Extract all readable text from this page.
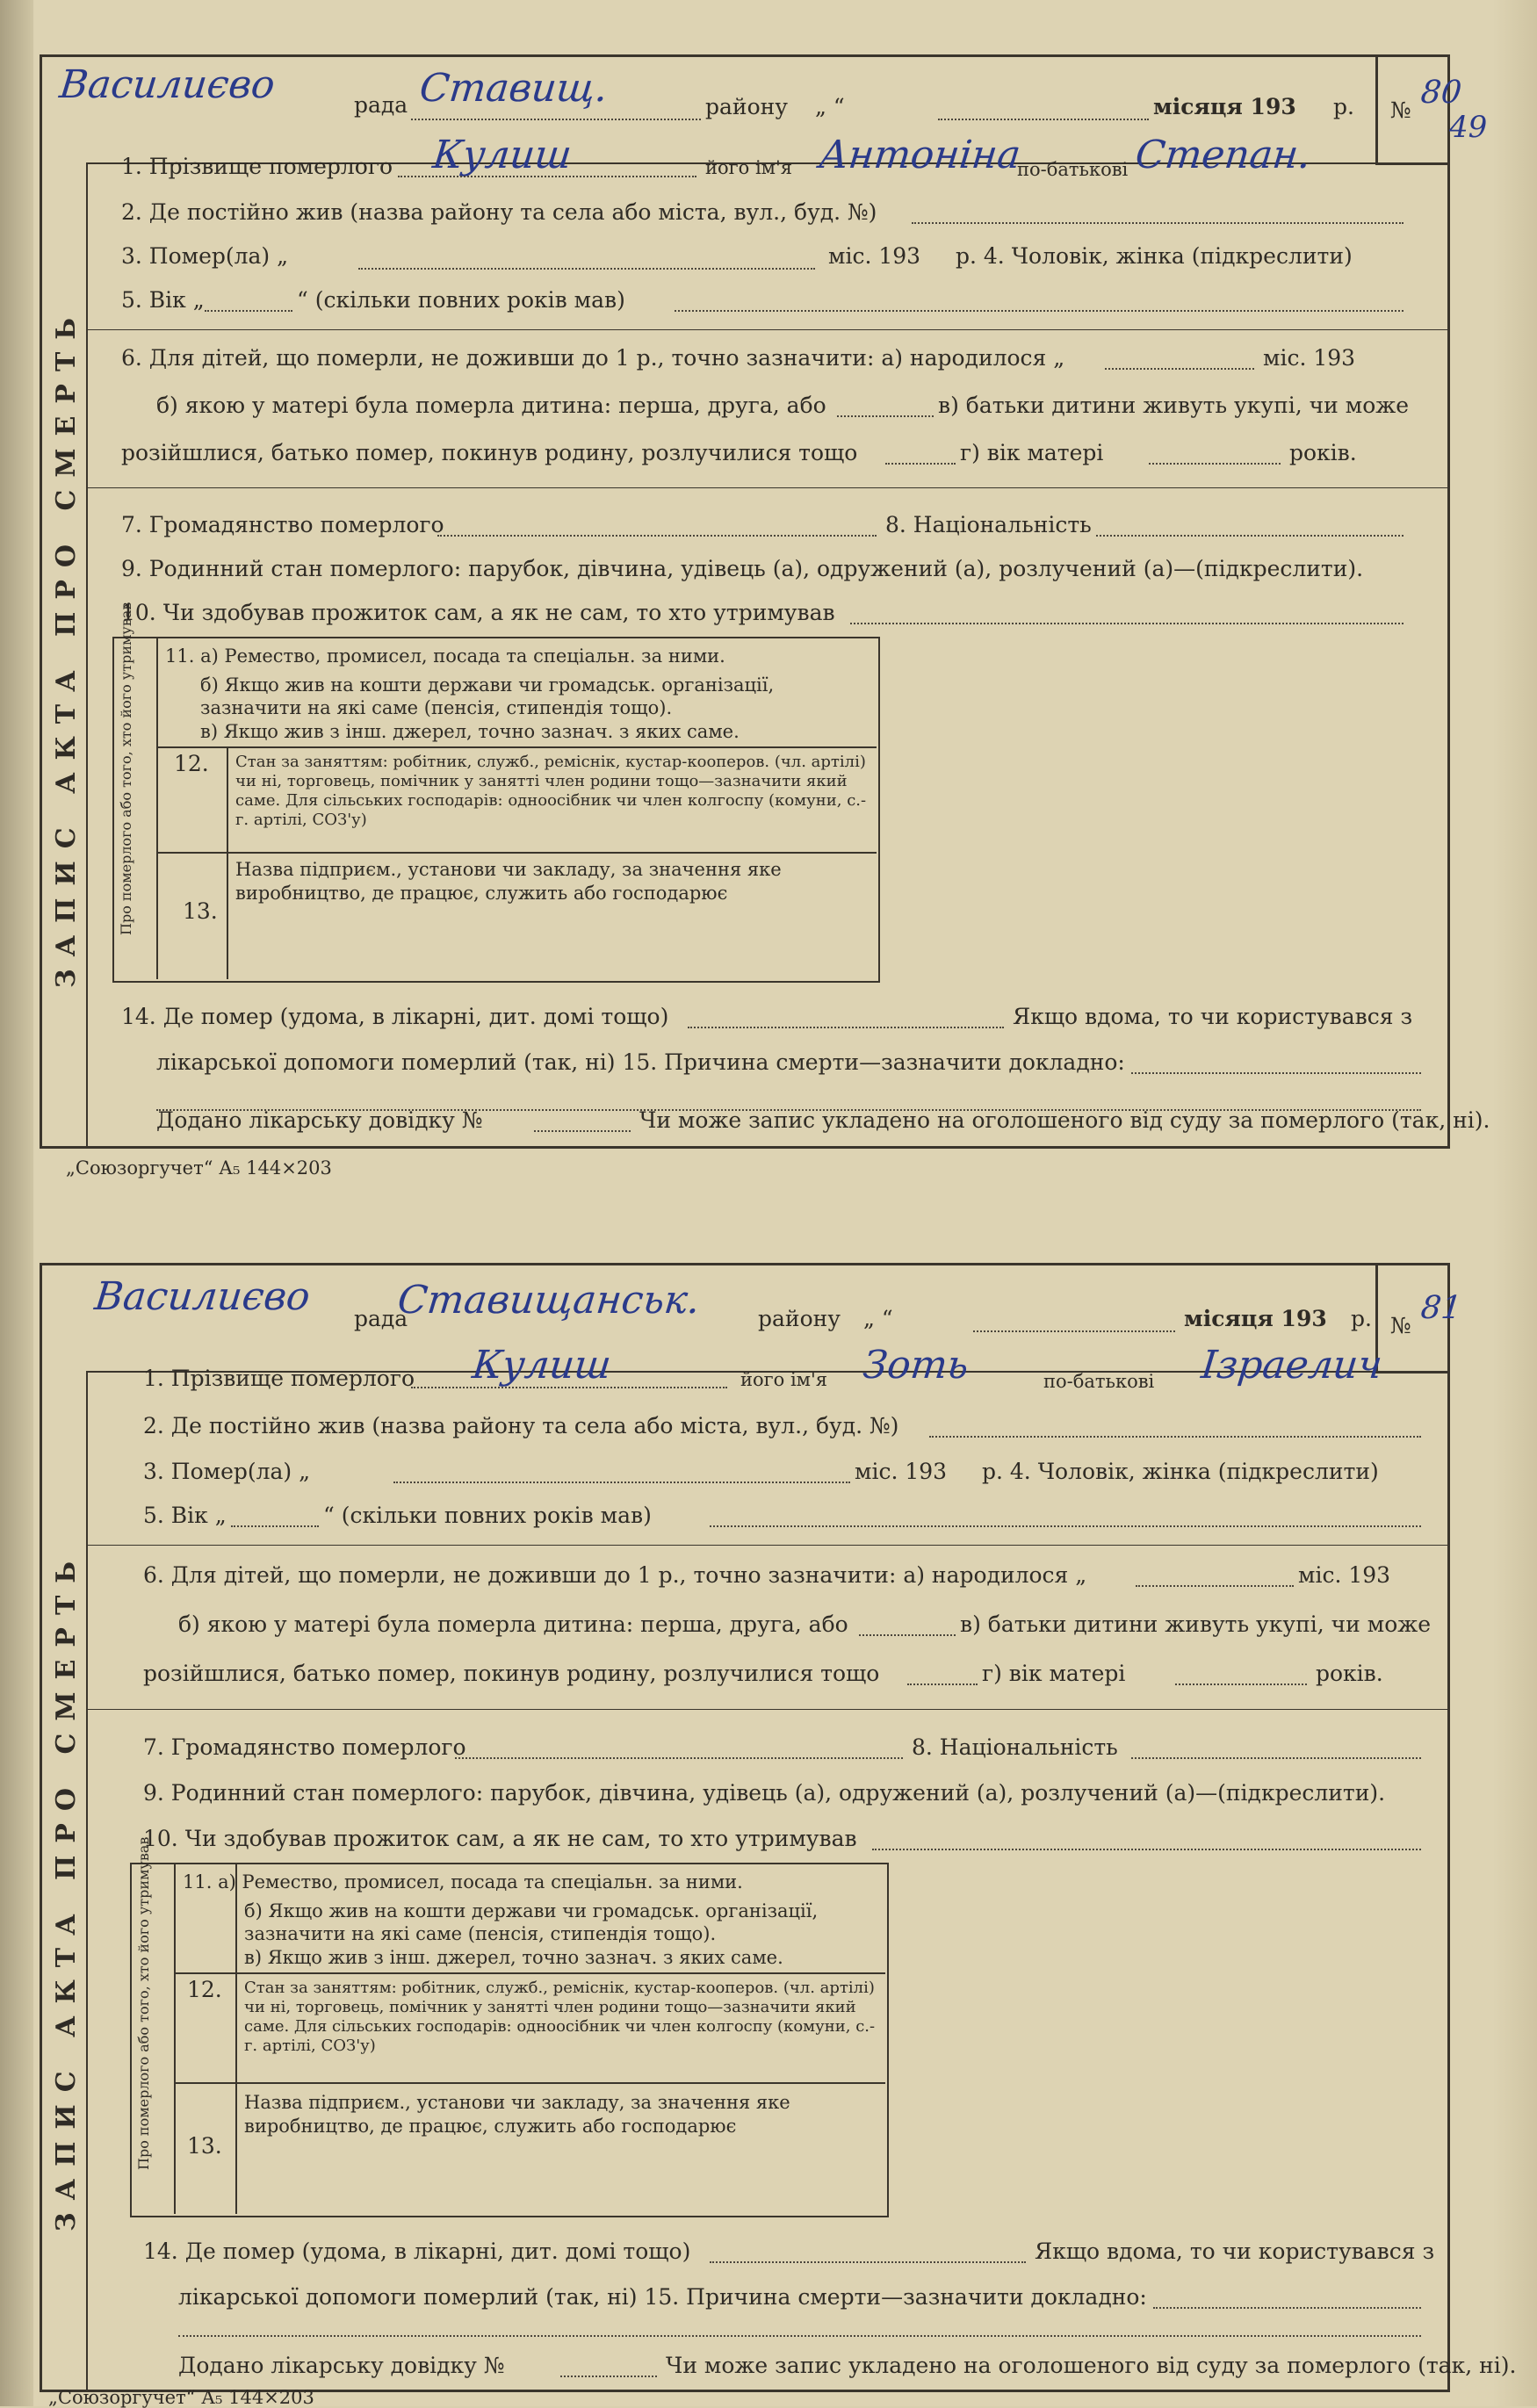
№ 80
Василиєво	рада Ставищ.	району „ “	місяця 193 р.
ЗАПИС АКТА ПРО СМЕРТЬ
1. Прізвище померлого Кулиш	його ім'я Антоніна
по-батькові Степан.
2. Де постійно жив (назва району та села або міста, вул., буд. №)
3. Помер(ла) „	міс. 193 р. 4. Чоловік, жінка (підкреслити)
5. Вік „	“ (скільки повних років мав)
6. Для дітей, що померли, не доживши до 1 р., точно зазначити: а) народилося „	міс. 193
б) якою у матері була померла дитина: перша, друга, або	в) батьки дитини живуть укупі, чи може
розійшлися, батько помер, покинув родину, розлучилися тощо	г) вік матері	років.
7. Громадянство померлого	8. Національність
9. Родинний стан померлого: парубок, дівчина, удівець (а), одружений (а), розлучений (а)—(підкреслити).
10. Чи здобував прожиток сам, а як не сам, то хто утримував
Про померлого або того, хто його утримував 11. а) Ремество, промисел, посада та спеціальн. за ними.
б) Якщо жив на кошти держави чи громадськ. організації, зазначити на які саме (пенсія, стипендія тощо).
в) Якщо жив з інш. джерел, точно зазнач. з яких саме.
12. Стан за заняттям: робітник, служб., реміснік, кустар-кооперов. (чл. артілі) чи ні, торговець, помічник у занятті член родини тощо—зазначити який саме. Для сільських господарів: одноосібник чи член колгоспу (комуни, с.-г. артілі, СОЗ'у)
13.
Назва підприєм., установи чи закладу, за значення яке виробництво, де працює, служить або господарює
14. Де помер (удома, в лікарні, дит. домі тощо)	Якщо вдома, то чи користувався з
лікарської допомоги померлий (так, ні) 15. Причина смерти—зазначити докладно:
Додано лікарську довідку №	Чи може запис укладено на оголошеного від суду за померлого (так, ні).
„Союзоргучет“ А₅ 144×203
49
№ 81
Василиєво рада
Ставищанськ.	району „ “	місяця 193 р.
ЗАПИС АКТА ПРО СМЕРТЬ
1. Прізвище померлого Кулиш	його ім'я Зоть	по-батькові Ізраелич
2. Де постійно жив (назва району та села або міста, вул., буд. №)
3. Помер(ла) „	міс. 193 р. 4. Чоловік, жінка (підкреслити)
5. Вік „	“ (скільки повних років мав)
6. Для дітей, що померли, не доживши до 1 р., точно зазначити: а) народилося „	міс. 193
б) якою у матері була померла дитина: перша, друга, або	в) батьки дитини живуть укупі, чи може
розійшлися, батько помер, покинув родину, розлучилися тощо	г) вік матері	років.
7. Громадянство померлого	8. Національність
9. Родинний стан померлого: парубок, дівчина, удівець (а), одружений (а), розлучений (а)—(підкреслити).
10. Чи здобував прожиток сам, а як не сам, то хто утримував
Про померлого або того, хто його утримував 11. а) Ремество, промисел, посада та спеціальн. за ними.
б) Якщо жив на кошти держави чи громадськ. організації, зазначити на які саме (пенсія, стипендія тощо).
в) Якщо жив з інш. джерел, точно зазнач. з яких саме.
12. Стан за заняттям: робітник, служб., реміснік, кустар-кооперов. (чл. артілі) чи ні, торговець, помічник у занятті член родини тощо—зазначити який саме. Для сільських господарів: одноосібник чи член колгоспу (комуни, с.-г. артілі, СОЗ'у)
13.
Назва підприєм., установи чи закладу, за значення яке виробництво, де працює, служить або господарює
14. Де помер (удома, в лікарні, дит. домі тощо)	Якщо вдома, то чи користувався з
лікарської допомоги померлий (так, ні) 15. Причина смерти—зазначити докладно:
Додано лікарську довідку №	Чи може запис укладено на оголошеного від суду за померлого (так, ні).
„Союзоргучет“ А₅ 144×203
